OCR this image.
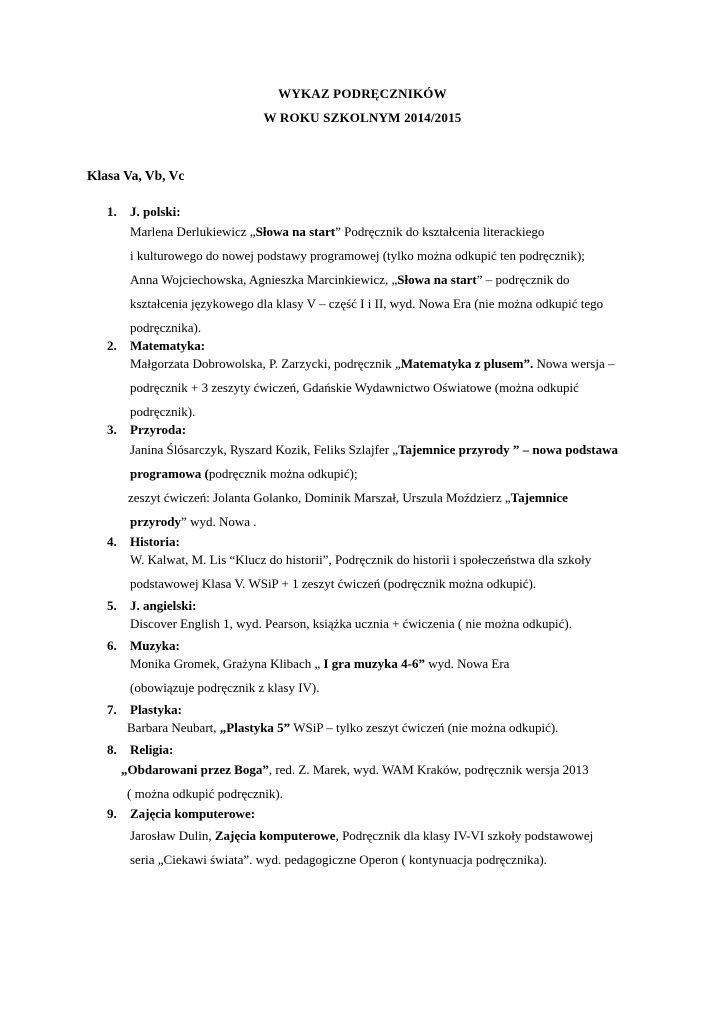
WYKAZ PODRĘCZNIKÓW
W ROKU SZKOLNYM 2014/2015
Klasa Va, Vb, Vc
1. J. polski:
Marlena Derlukiewicz „Słowa na start” Podręcznik do kształcenia literackiego
i kulturowego do nowej podstawy programowej (tylko można odkupić ten podręcznik);
Anna Wojciechowska, Agnieszka Marcinkiewicz, „Słowa na start” – podręcznik do
kształcenia językowego dla klasy V – część I i II, wyd. Nowa Era (nie można odkupić tego
podręcznika).
2. Matematyka:
Małgorzata Dobrowolska, P. Zarzycki, podręcznik „Matematyka z plusem”. Nowa wersja –
podręcznik + 3 zeszyty ćwiczeń, Gdańskie Wydawnictwo Oświatowe (można odkupić
podręcznik).
3. Przyroda:
Janina Ślósarczyk, Ryszard Kozik, Feliks Szlajfer „Tajemnice przyrody ” – nowa podstawa
programowa (podręcznik można odkupić);
zeszyt ćwiczeń: Jolanta Golanko, Dominik Marszał, Urszula Moździerz „Tajemnice
przyrody” wyd. Nowa .
4. Historia:
W. Kalwat, M. Lis “Klucz do historii”, Podręcznik do historii i społeczeństwa dla szkoły
podstawowej Klasa V. WSiP + 1 zeszyt ćwiczeń (podręcznik można odkupić).
5. J. angielski:
Discover English 1, wyd. Pearson, książka ucznia + ćwiczenia ( nie można odkupić).
6. Muzyka:
Monika Gromek, Grażyna Klibach „ I gra muzyka 4-6” wyd. Nowa Era
(obowiązuje podręcznik z klasy IV).
7. Plastyka:
Barbara Neubart, „Plastyka 5” WSiP – tylko zeszyt ćwiczeń (nie można odkupić).
8. Religia:
„Obdarowani przez Boga”, red. Z. Marek, wyd. WAM Kraków, podręcznik wersja 2013
( można odkupić podręcznik).
9. Zajęcia komputerowe:
Jarosław Dulin, Zajęcia komputerowe, Podręcznik dla klasy IV-VI szkoły podstawowej
seria „Ciekawi świata”. wyd. pedagogiczne Operon ( kontynuacja podręcznika).
